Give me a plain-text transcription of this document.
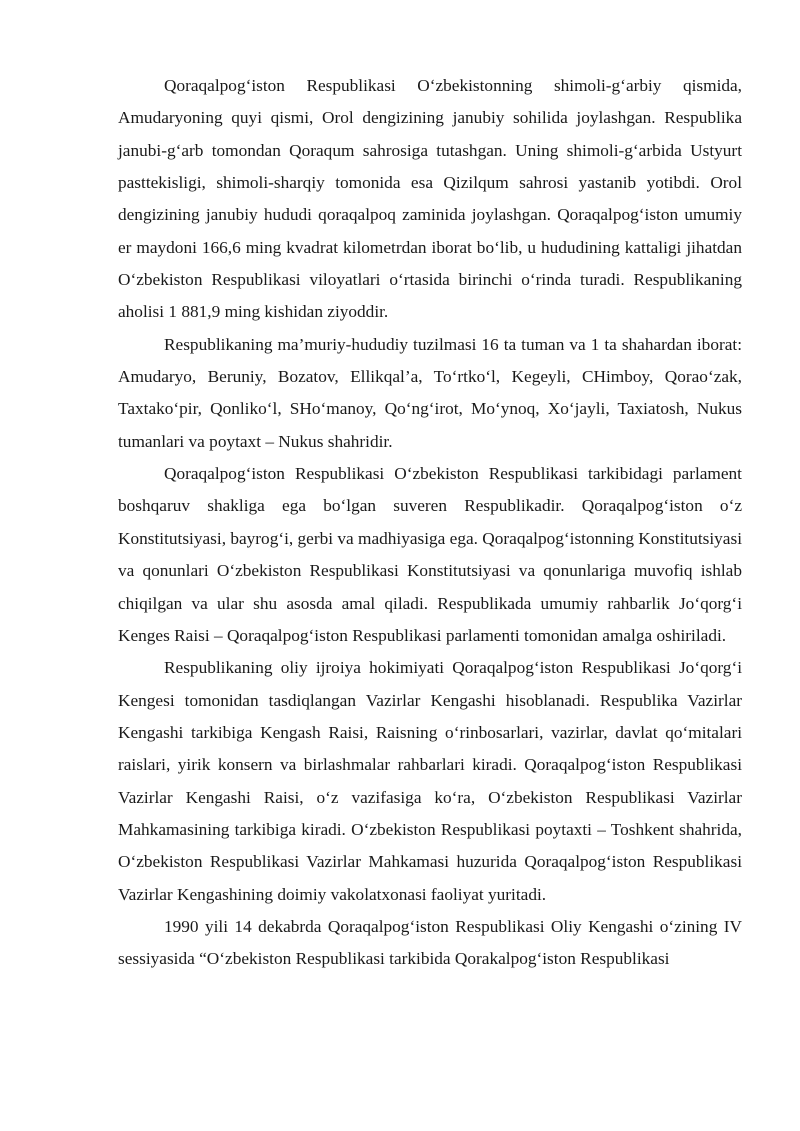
Qoraqalpog‘iston Respublikasi O‘zbekistonning shimoli-g‘arbiy qismida, Amudaryoning quyi qismi, Orol dengizining janubiy sohilida joylashgan. Respublika janubi-g‘arb tomondan Qoraqum sahrosiga tutashgan. Uning shimoli-g‘arbida Ustyurt pasttekisligi, shimoli-sharqiy tomonida esa Qizilqum sahrosi yastanib yotibdi. Orol dengizining janubiy hududi qoraqalpoq zaminida joylashgan. Qoraqalpog‘iston umumiy er maydoni 166,6 ming kvadrat kilometrdan iborat bo‘lib, u hududining kattaligi jihatdan O‘zbekiston Respublikasi viloyatlari o‘rtasida birinchi o‘rinda turadi. Respublikaning aholisi 1 881,9 ming kishidan ziyoddir.

Respublikaning ma’muriy-hududiy tuzilmasi 16 ta tuman va 1 ta shahardan iborat: Amudaryo, Beruniy, Bozatov, Ellikqal’a, To‘rtko‘l, Kegeyli, CHimboy, Qorao‘zak, Taxtako‘pir, Qonliko‘l, SHo‘manoy, Qo‘ng‘irot, Mo‘ynoq, Xo‘jayli, Taxiatosh, Nukus tumanlari va poytaxt – Nukus shahridir.

Qoraqalpog‘iston Respublikasi O‘zbekiston Respublikasi tarkibidagi parlament boshqaruv shakliga ega bo‘lgan suveren Respublikadir. Qoraqalpog‘iston o‘z Konstitutsiyasi, bayrog‘i, gerbi va madhiyasiga ega. Qoraqalpog‘istonning Konstitutsiyasi va qonunlari O‘zbekiston Respublikasi Konstitutsiyasi va qonunlariga muvofiq ishlab chiqilgan va ular shu asosda amal qiladi. Respublikada umumiy rahbarlik Jo‘qorg‘i Kenges Raisi – Qoraqalpog‘iston Respublikasi parlamenti tomonidan amalga oshiriladi.

Respublikaning oliy ijroiya hokimiyati Qoraqalpog‘iston Respublikasi Jo‘qorg‘i Kengesi tomonidan tasdiqlangan Vazirlar Kengashi hisoblanadi. Respublika Vazirlar Kengashi tarkibiga Kengash Raisi, Raisning o‘rinbosarlari, vazirlar, davlat qo‘mitalari raislari, yirik konsern va birlashmalar rahbarlari kiradi. Qoraqalpog‘iston Respublikasi Vazirlar Kengashi Raisi, o‘z vazifasiga ko‘ra, O‘zbekiston Respublikasi Vazirlar Mahkamasining tarkibiga kiradi. O‘zbekiston Respublikasi poytaxti – Toshkent shahrida, O‘zbekiston Respublikasi Vazirlar Mahkamasi huzurida Qoraqalpog‘iston Respublikasi Vazirlar Kengashining doimiy vakolatxonasi faoliyat yuritadi.

1990 yili 14 dekabrda Qoraqalpog‘iston Respublikasi Oliy Kengashi o‘zining IV sessiyasida “O‘zbekiston Respublikasi tarkibida Qorakalpog‘iston Respublikasi
